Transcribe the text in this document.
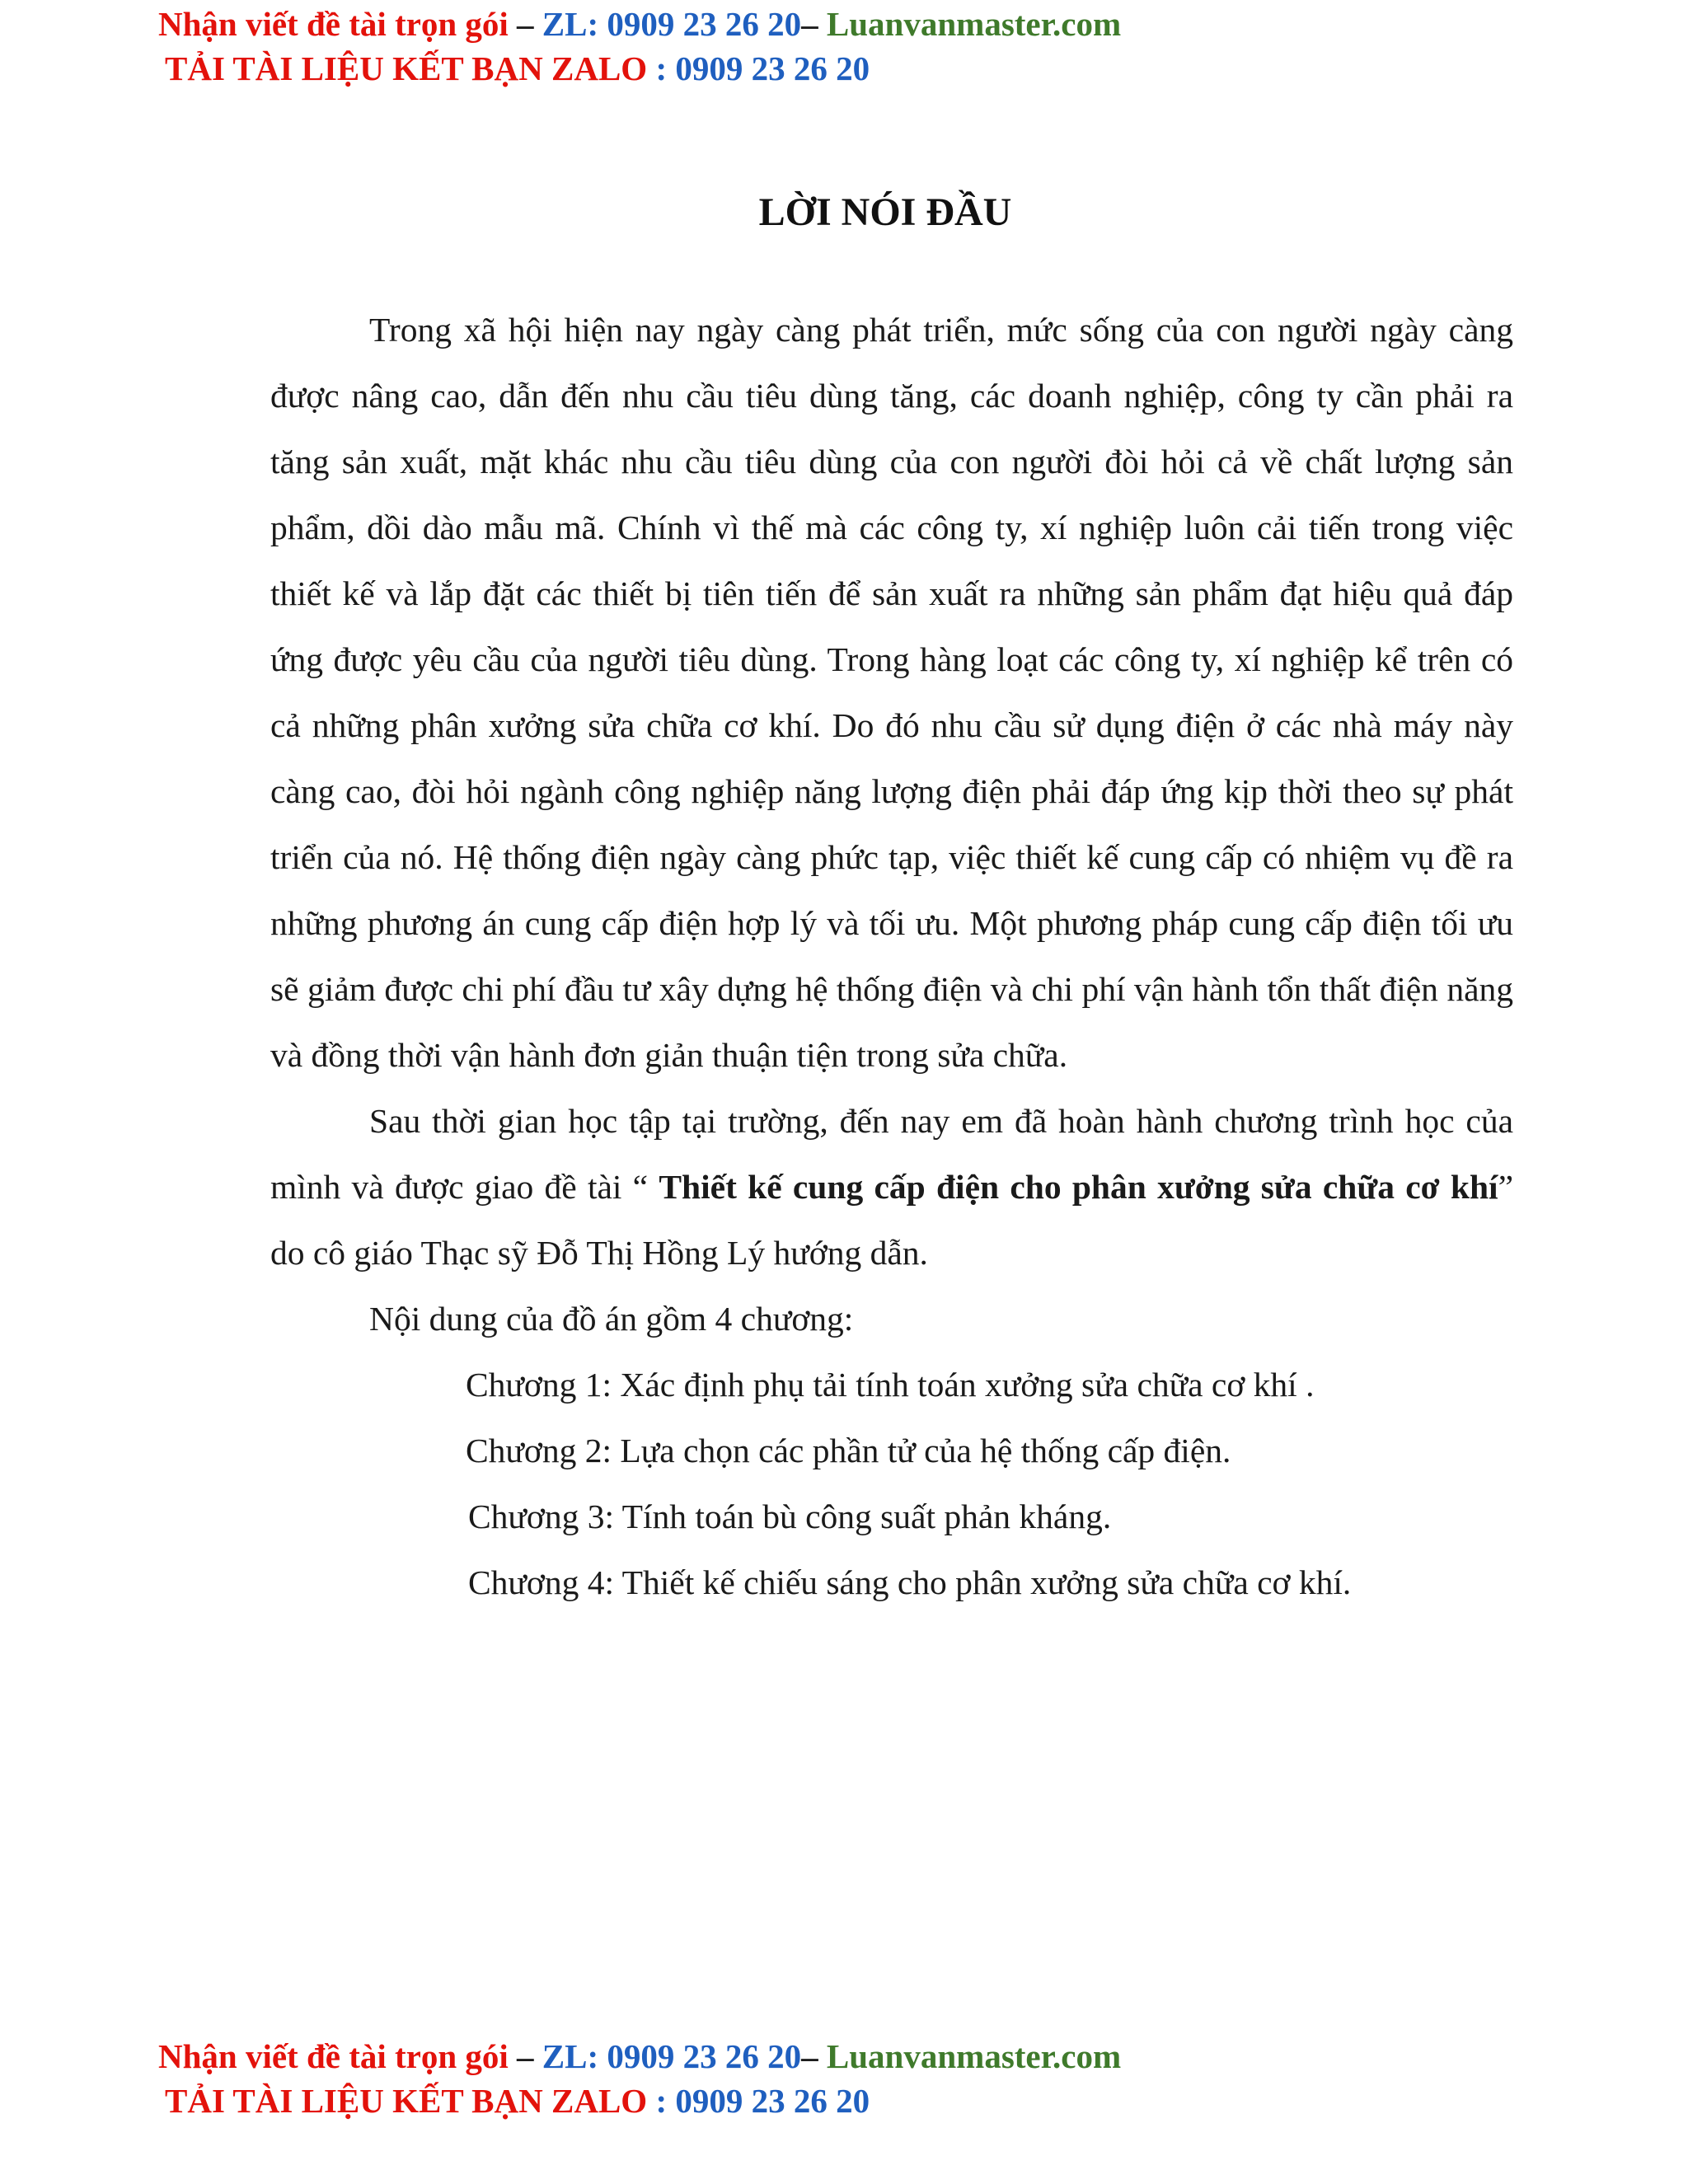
Nhận viết đề tài trọn gói – ZL: 0909 23 26 20– Luanvanmaster.com
TẢI TÀI LIỆU KẾT BẠN ZALO : 0909 23 26 20
LỜI NÓI ĐẦU

Trong xã hội hiện nay ngày càng phát triển, mức sống của con người ngày càng được nâng cao, dẫn đến nhu cầu tiêu dùng tăng, các doanh nghiệp, công ty cần phải ra tăng sản xuất, mặt khác nhu cầu tiêu dùng của con người đòi hỏi cả về chất lượng sản phẩm, dồi dào mẫu mã. Chính vì thế mà các công ty, xí nghiệp luôn cải tiến trong việc thiết kế và lắp đặt các thiết bị tiên tiến để sản xuất ra những sản phẩm đạt hiệu quả đáp ứng được yêu cầu của người tiêu dùng. Trong hàng loạt các công ty, xí nghiệp kể trên có cả những phân xưởng sửa chữa cơ khí. Do đó nhu cầu sử dụng điện ở các nhà máy này càng cao, đòi hỏi ngành công nghiệp năng lượng điện phải đáp ứng kịp thời theo sự phát triển của nó. Hệ thống điện ngày càng phức tạp, việc thiết kế cung cấp có nhiệm vụ đề ra những phương án cung cấp điện hợp lý và tối ưu. Một phương pháp cung cấp điện tối ưu sẽ giảm được chi phí đầu tư xây dựng hệ thống điện và chi phí vận hành tổn thất điện năng và đồng thời vận hành đơn giản thuận tiện trong sửa chữa.

Sau thời gian học tập tại trường, đến nay em đã hoàn hành chương trình học của mình và được giao đề tài “ Thiết kế cung cấp điện cho phân xưởng sửa chữa cơ khí” do cô giáo Thạc sỹ Đỗ Thị Hồng Lý hướng dẫn.

Nội dung của đồ án gồm 4 chương:

Chương 1: Xác định phụ tải tính toán xưởng sửa chữa cơ khí .

Chương 2: Lựa chọn các phần tử của hệ thống cấp điện.

Chương 3: Tính toán bù công suất phản kháng.

Chương 4: Thiết kế chiếu sáng cho phân xưởng sửa chữa cơ khí.

Nhận viết đề tài trọn gói – ZL: 0909 23 26 20– Luanvanmaster.com
TẢI TÀI LIỆU KẾT BẠN ZALO : 0909 23 26 20
